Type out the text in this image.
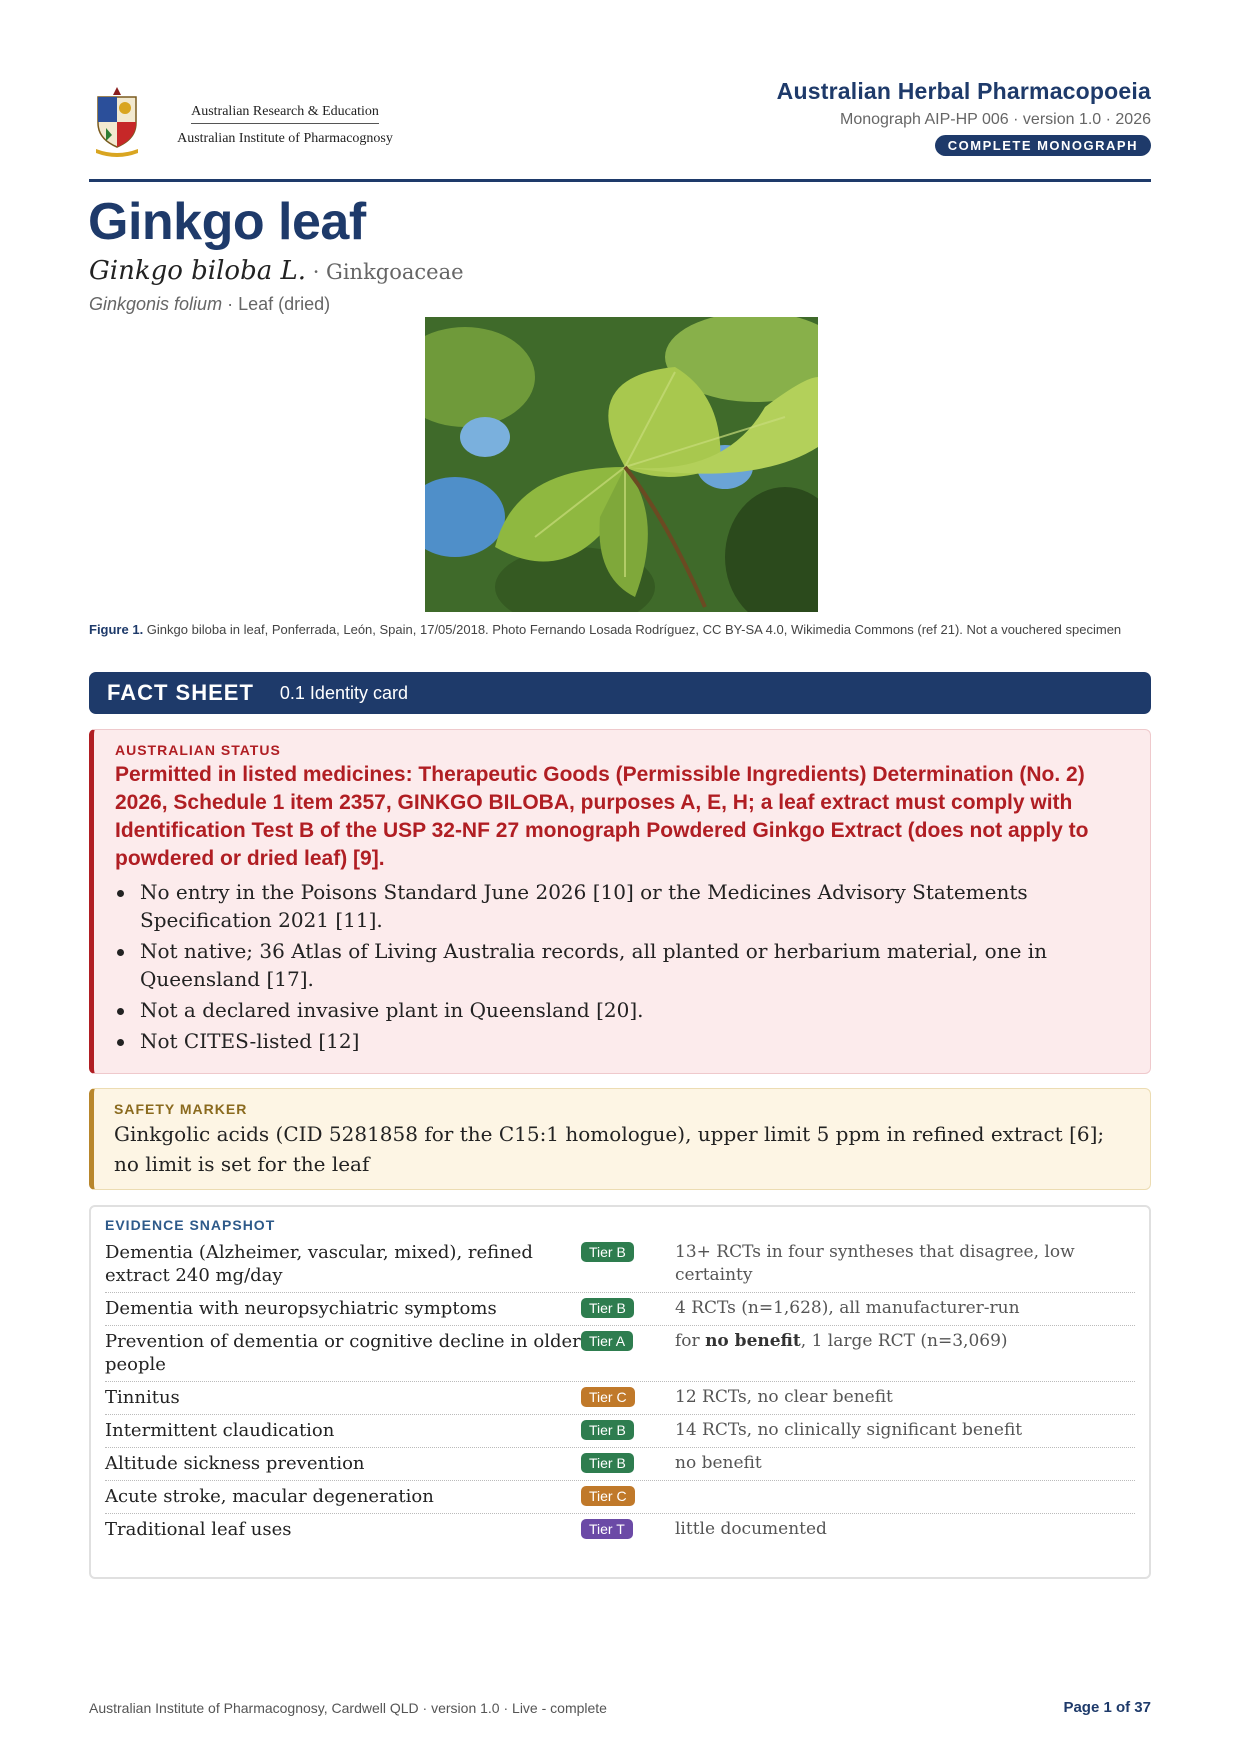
Australian Research & Education
Australian Institute of Pharmacognosy
Australian Herbal Pharmacopoeia
Monograph AIP-HP 006 · version 1.0 · 2026
COMPLETE MONOGRAPH
Ginkgo leaf
Ginkgo biloba L. · Ginkgoaceae
Ginkgonis folium · Leaf (dried)
Figure 1. Ginkgo biloba in leaf, Ponferrada, León, Spain, 17/05/2018. Photo Fernando Losada Rodríguez, CC BY-SA 4.0, Wikimedia Commons (ref 21). Not a vouchered specimen
FACT SHEET 0.1 Identity card
AUSTRALIAN STATUS
Permitted in listed medicines: Therapeutic Goods (Permissible Ingredients) Determination (No. 2) 2026, Schedule 1 item 2357, GINKGO BILOBA, purposes A, E, H; a leaf extract must comply with Identification Test B of the USP 32-NF 27 monograph Powdered Ginkgo Extract (does not apply to powdered or dried leaf) [9].
No entry in the Poisons Standard June 2026 [10] or the Medicines Advisory Statements Specification 2021 [11].
Not native; 36 Atlas of Living Australia records, all planted or herbarium material, one in Queensland [17].
Not a declared invasive plant in Queensland [20].
Not CITES-listed [12]
SAFETY MARKER
Ginkgolic acids (CID 5281858 for the C15:1 homologue), upper limit 5 ppm in refined extract [6]; no limit is set for the leaf
EVIDENCE SNAPSHOT
Dementia (Alzheimer, vascular, mixed), refined extract 240 mg/day
Tier B	13+ RCTs in four syntheses that disagree, low certainty
Dementia with neuropsychiatric symptoms	Tier B	4 RCTs (n=1,628), all manufacturer-run
Prevention of dementia or cognitive decline in older people
Tier A	for no benefit, 1 large RCT (n=3,069)
Tinnitus	Tier C	12 RCTs, no clear benefit
Intermittent claudication	Tier B	14 RCTs, no clinically significant benefit
Altitude sickness prevention	Tier B	no benefit
Acute stroke, macular degeneration	Tier C
Traditional leaf uses	Tier T	little documented
Australian Institute of Pharmacognosy, Cardwell QLD · version 1.0 · Live - complete	Page 1 of 37
